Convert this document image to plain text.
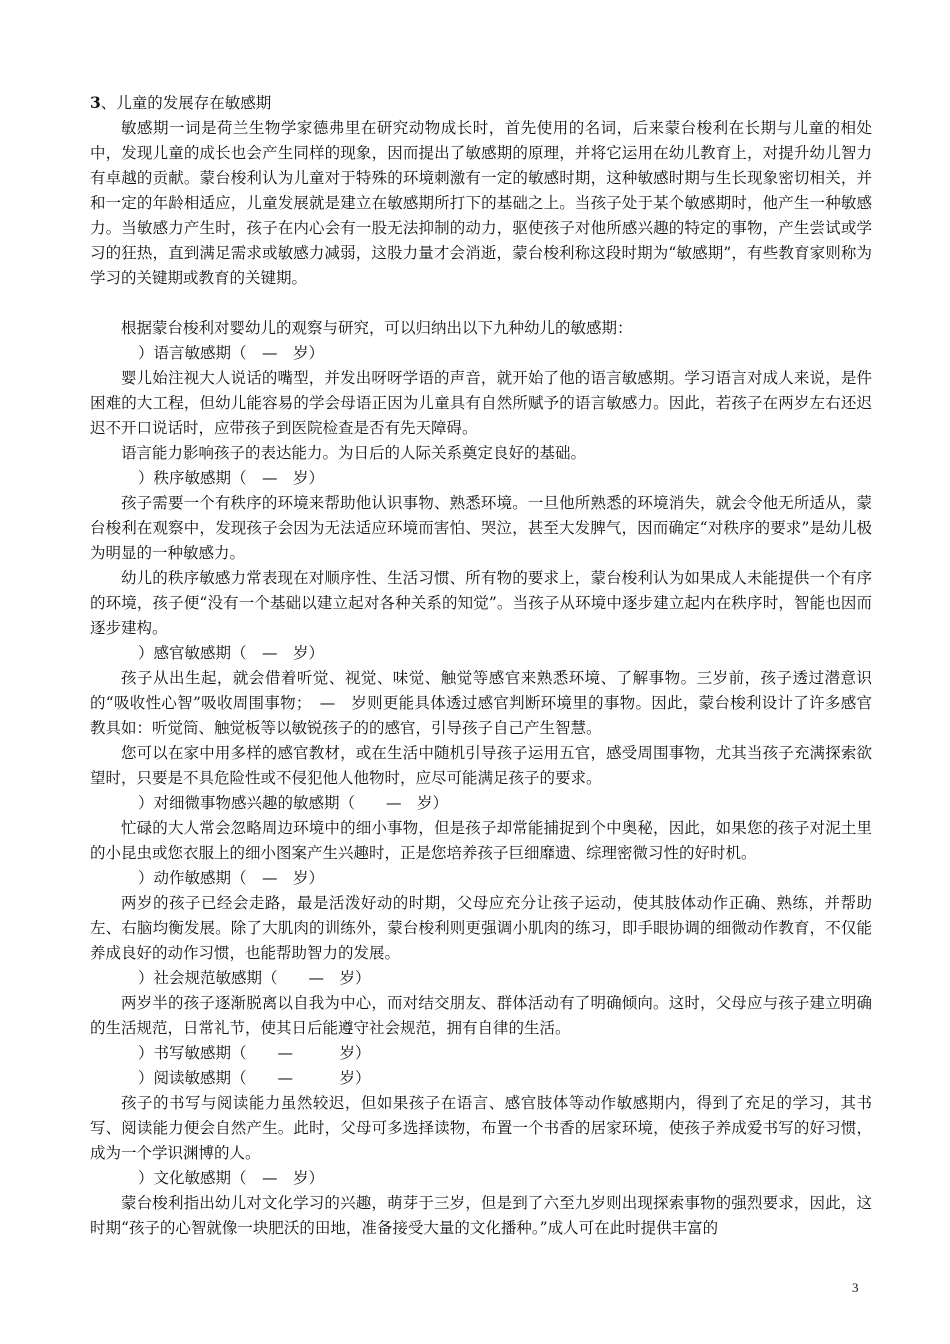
3、儿童的发展存在敏感期

敏感期一词是荷兰生物学家德弗里在研究动物成长时，首先使用的名词，后来蒙台梭利在长期与儿童的相处中，发现儿童的成长也会产生同样的现象，因而提出了敏感期的原理，并将它运用在幼儿教育上，对提升幼儿智力有卓越的贡献。蒙台梭利认为儿童对于特殊的环境刺激有一定的敏感时期，这种敏感时期与生长现象密切相关，并和一定的年龄相适应，儿童发展就是建立在敏感期所打下的基础之上。当孩子处于某个敏感期时，他产生一种敏感力。当敏感力产生时，孩子在内心会有一股无法抑制的动力，驱使孩子对他所感兴趣的特定的事物，产生尝试或学习的狂热，直到满足需求或敏感力减弱，这股力量才会消逝，蒙台梭利称这段时期为“敏感期”，有些教育家则称为学习的关键期或教育的关键期。

根据蒙台梭利对婴幼儿的观察与研究，可以归纳出以下九种幼儿的敏感期：

）语言敏感期（　—　岁）

婴儿始注视大人说话的嘴型，并发出呀呀学语的声音，就开始了他的语言敏感期。学习语言对成人来说，是件困难的大工程，但幼儿能容易的学会母语正因为儿童具有自然所赋予的语言敏感力。因此，若孩子在两岁左右还迟迟不开口说话时，应带孩子到医院检查是否有先天障碍。

语言能力影响孩子的表达能力。为日后的人际关系奠定良好的基础。

）秩序敏感期（　—　岁）

孩子需要一个有秩序的环境来帮助他认识事物、熟悉环境。一旦他所熟悉的环境消失，就会令他无所适从，蒙台梭利在观察中，发现孩子会因为无法适应环境而害怕、哭泣，甚至大发脾气，因而确定“对秩序的要求”是幼儿极为明显的一种敏感力。

幼儿的秩序敏感力常表现在对顺序性、生活习惯、所有物的要求上，蒙台梭利认为如果成人未能提供一个有序的环境，孩子便“没有一个基础以建立起对各种关系的知觉”。当孩子从环境中逐步建立起内在秩序时，智能也因而逐步建构。

）感官敏感期（　—　岁）

孩子从出生起，就会借着听觉、视觉、味觉、触觉等感官来熟悉环境、了解事物。三岁前，孩子透过潜意识的“吸收性心智”吸收周围事物；　—　岁则更能具体透过感官判断环境里的事物。因此，蒙台梭利设计了许多感官教具如：听觉筒、触觉板等以敏锐孩子的的感官，引导孩子自己产生智慧。

您可以在家中用多样的感官教材，或在生活中随机引导孩子运用五官，感受周围事物，尤其当孩子充满探索欲望时，只要是不具危险性或不侵犯他人他物时，应尽可能满足孩子的要求。

）对细微事物感兴趣的敏感期（　　—　岁）

忙碌的大人常会忽略周边环境中的细小事物，但是孩子却常能捕捉到个中奥秘，因此，如果您的孩子对泥土里的小昆虫或您衣服上的细小图案产生兴趣时，正是您培养孩子巨细靡遗、综理密微习性的好时机。

）动作敏感期（　—　岁）

两岁的孩子已经会走路，最是活泼好动的时期，父母应充分让孩子运动，使其肢体动作正确、熟练，并帮助左、右脑均衡发展。除了大肌肉的训练外，蒙台梭利则更强调小肌肉的练习，即手眼协调的细微动作教育，不仅能养成良好的动作习惯，也能帮助智力的发展。

）社会规范敏感期（　　—　岁）

两岁半的孩子逐渐脱离以自我为中心，而对结交朋友、群体活动有了明确倾向。这时，父母应与孩子建立明确的生活规范，日常礼节，使其日后能遵守社会规范，拥有自律的生活。

）书写敏感期（　　—　　　岁）
）阅读敏感期（　　—　　　岁）

孩子的书写与阅读能力虽然较迟，但如果孩子在语言、感官肢体等动作敏感期内，得到了充足的学习，其书写、阅读能力便会自然产生。此时，父母可多选择读物，布置一个书香的居家环境，使孩子养成爱书写的好习惯，成为一个学识渊博的人。

）文化敏感期（　—　岁）

蒙台梭利指出幼儿对文化学习的兴趣，萌芽于三岁，但是到了六至九岁则出现探索事物的强烈要求，因此，这时期“孩子的心智就像一块肥沃的田地，准备接受大量的文化播种。”成人可在此时提供丰富的

3
